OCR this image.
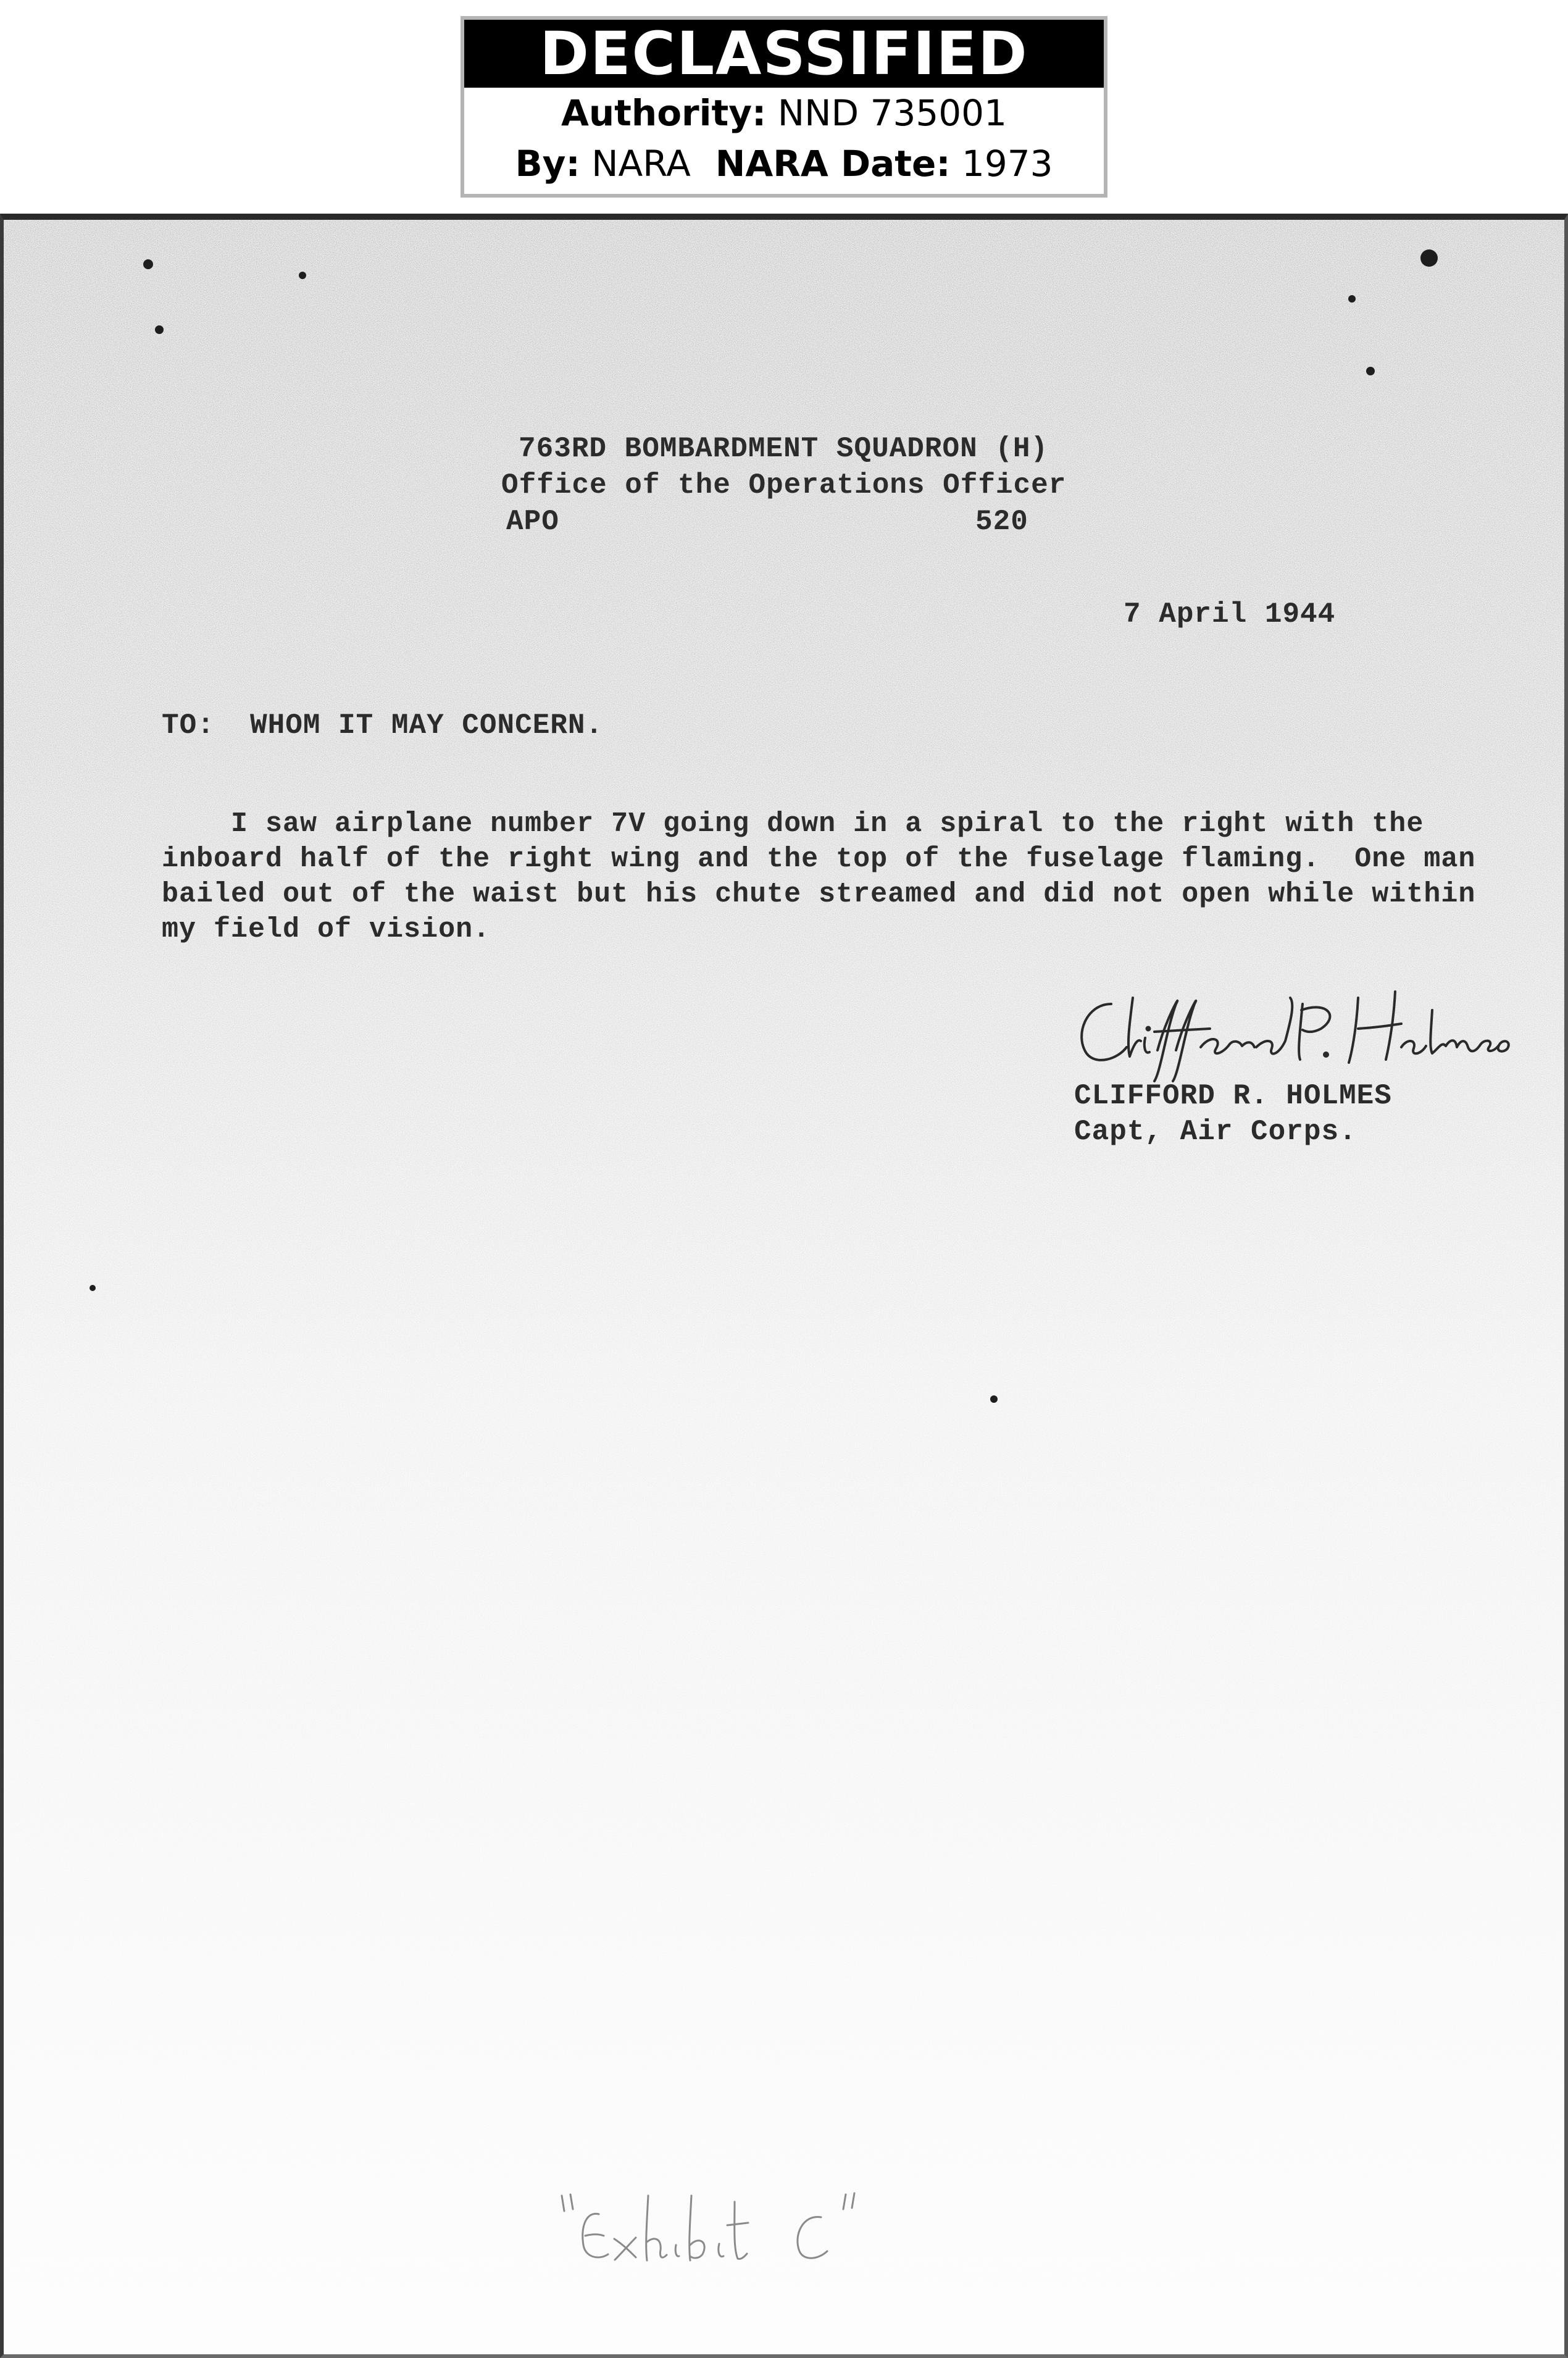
DECLASSIFIED
Authority: NND 735001
By: NARA NARA Date: 1973
763RD BOMBARDMENT SQUADRON (H)
Office of the Operations Officer
APO	520
7 April 1944
TO:  WHOM IT MAY CONCERN.
I saw airplane number 7V going down in a spiral to the right with the
inboard half of the right wing and the top of the fuselage flaming.  One man
bailed out of the waist but his chute streamed and did not open while within
my field of vision.
CLIFFORD R. HOLMES
Capt, Air Corps.
